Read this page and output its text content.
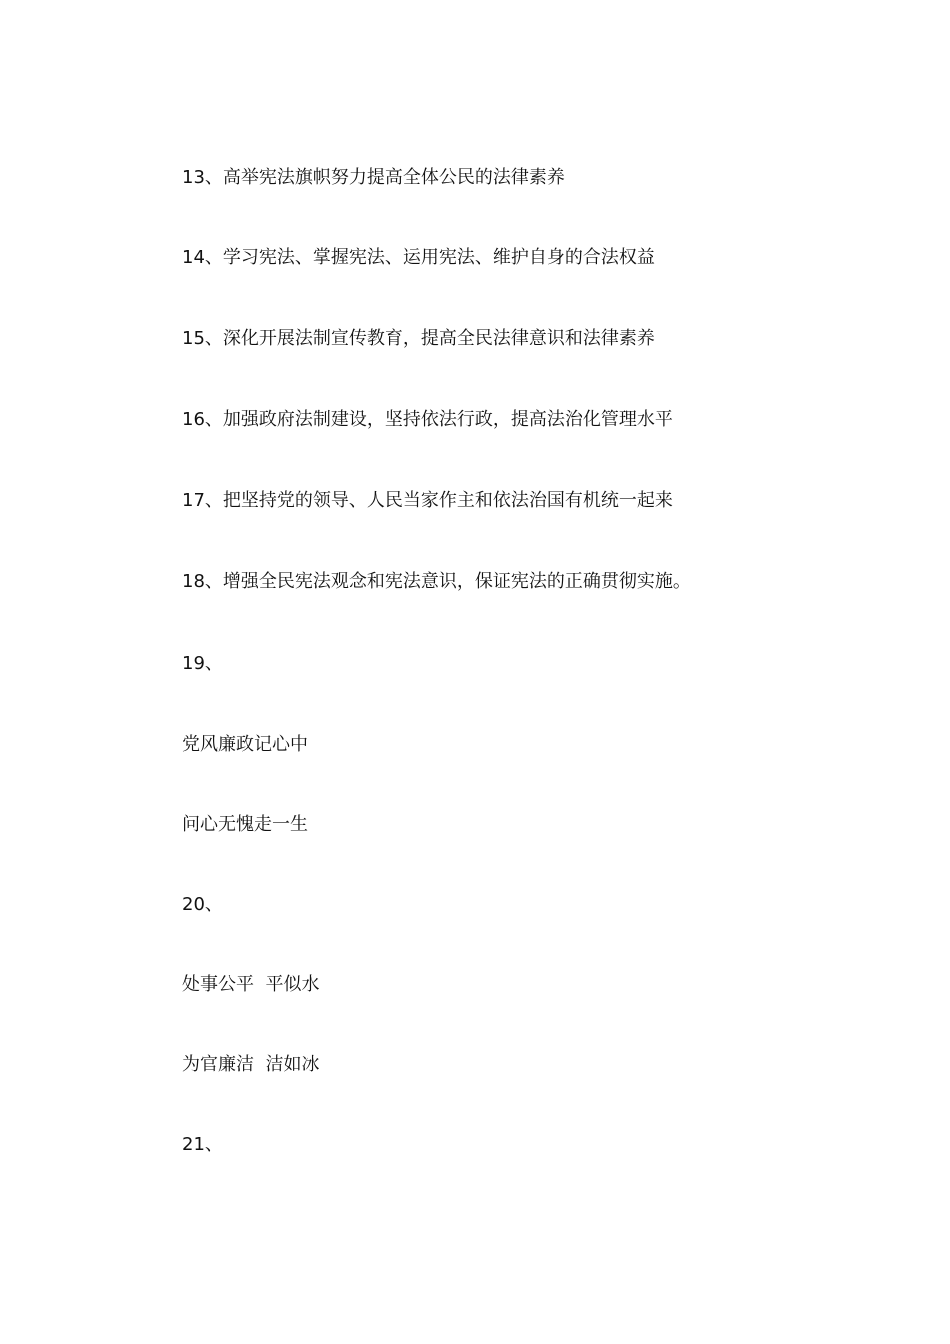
13、高举宪法旗帜努力提高全体公民的法律素养
14、学习宪法、掌握宪法、运用宪法、维护自身的合法权益
15、深化开展法制宣传教育，提高全民法律意识和法律素养
16、加强政府法制建设，坚持依法行政，提高法治化管理水平
17、把坚持党的领导、人民当家作主和依法治国有机统一起来
18、增强全民宪法观念和宪法意识，保证宪法的正确贯彻实施。
19、
党风廉政记心中
问心无愧走一生
20、
处事公平  平似水
为官廉洁  洁如冰
21、
